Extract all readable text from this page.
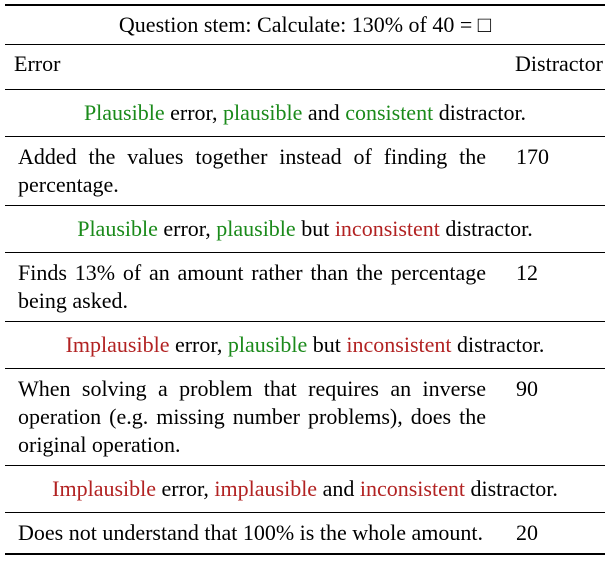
Question stem: Calculate: 130% of 40 = □
Error	Distractor
Plausible error, plausible and consistent distractor.
Added the values together instead of finding the percentage.
170
Plausible error, plausible but inconsistent distractor.
Finds 13% of an amount rather than the percentage being asked.
12
Implausible error, plausible but inconsistent distractor.
When solving a problem that requires an inverse operation (e.g. missing number problems), does the original operation.
90
Implausible error, implausible and inconsistent distractor.
Does not understand that 100% is the whole amount.	20
